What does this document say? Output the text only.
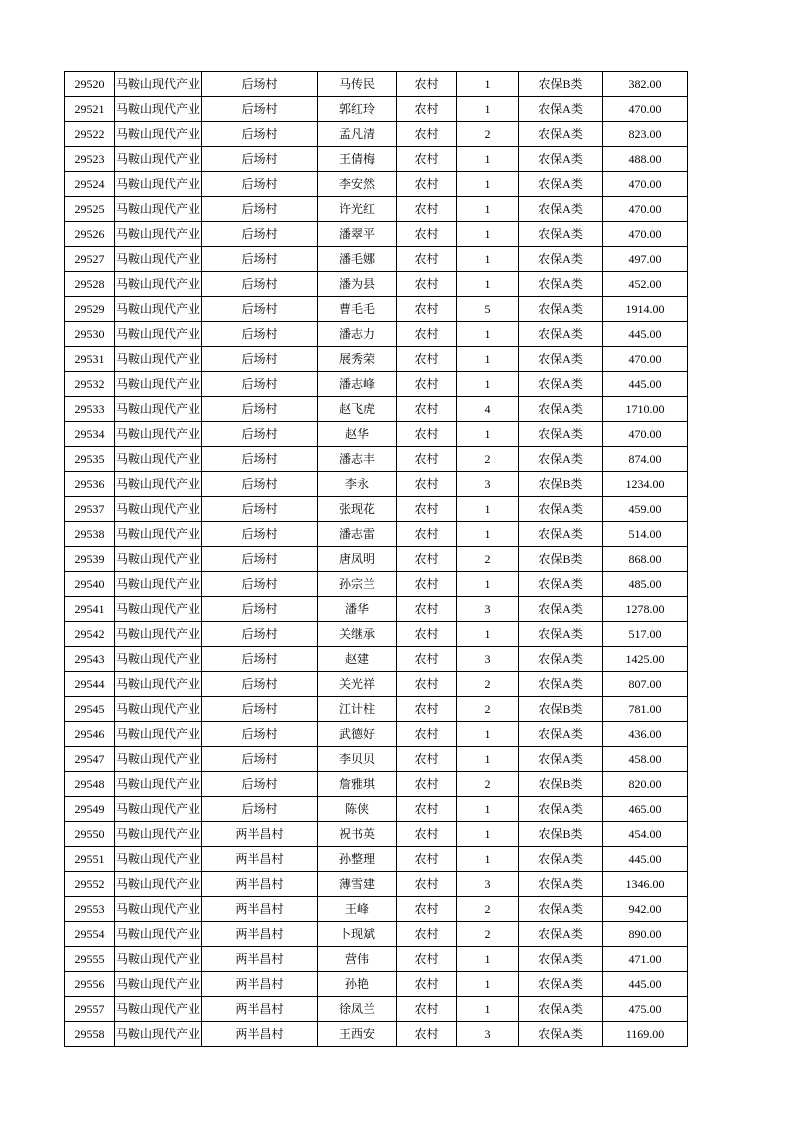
29520	马鞍山现代产业	后场村	马传民	农村	1	农保B类	382.00
29521	马鞍山现代产业	后场村	郭红玲	农村	1	农保A类	470.00
29522	马鞍山现代产业	后场村	孟凡清	农村	2	农保A类	823.00
29523	马鞍山现代产业	后场村	王倩梅	农村	1	农保A类	488.00
29524	马鞍山现代产业	后场村	李安然	农村	1	农保A类	470.00
29525	马鞍山现代产业	后场村	许光红	农村	1	农保A类	470.00
29526	马鞍山现代产业	后场村	潘翠平	农村	1	农保A类	470.00
29527	马鞍山现代产业	后场村	潘毛娜	农村	1	农保A类	497.00
29528	马鞍山现代产业	后场村	潘为县	农村	1	农保A类	452.00
29529	马鞍山现代产业	后场村	曹毛毛	农村	5	农保A类	1914.00
29530	马鞍山现代产业	后场村	潘志力	农村	1	农保A类	445.00
29531	马鞍山现代产业	后场村	展秀荣	农村	1	农保A类	470.00
29532	马鞍山现代产业	后场村	潘志峰	农村	1	农保A类	445.00
29533	马鞍山现代产业	后场村	赵飞虎	农村	4	农保A类	1710.00
29534	马鞍山现代产业	后场村	赵华	农村	1	农保A类	470.00
29535	马鞍山现代产业	后场村	潘志丰	农村	2	农保A类	874.00
29536	马鞍山现代产业	后场村	李永	农村	3	农保B类	1234.00
29537	马鞍山现代产业	后场村	张现花	农村	1	农保A类	459.00
29538	马鞍山现代产业	后场村	潘志雷	农村	1	农保A类	514.00
29539	马鞍山现代产业	后场村	唐凤明	农村	2	农保B类	868.00
29540	马鞍山现代产业	后场村	孙宗兰	农村	1	农保A类	485.00
29541	马鞍山现代产业	后场村	潘华	农村	3	农保A类	1278.00
29542	马鞍山现代产业	后场村	关继承	农村	1	农保A类	517.00
29543	马鞍山现代产业	后场村	赵建	农村	3	农保A类	1425.00
29544	马鞍山现代产业	后场村	关光祥	农村	2	农保A类	807.00
29545	马鞍山现代产业	后场村	江计柱	农村	2	农保B类	781.00
29546	马鞍山现代产业	后场村	武德好	农村	1	农保A类	436.00
29547	马鞍山现代产业	后场村	李贝贝	农村	1	农保A类	458.00
29548	马鞍山现代产业	后场村	詹雅琪	农村	2	农保B类	820.00
29549	马鞍山现代产业	后场村	陈侠	农村	1	农保A类	465.00
29550	马鞍山现代产业	两半昌村	祝书英	农村	1	农保B类	454.00
29551	马鞍山现代产业	两半昌村	孙整理	农村	1	农保A类	445.00
29552	马鞍山现代产业	两半昌村	薄雪建	农村	3	农保A类	1346.00
29553	马鞍山现代产业	两半昌村	王峰	农村	2	农保A类	942.00
29554	马鞍山现代产业	两半昌村	卜现斌	农村	2	农保A类	890.00
29555	马鞍山现代产业	两半昌村	营伟	农村	1	农保A类	471.00
29556	马鞍山现代产业	两半昌村	孙艳	农村	1	农保A类	445.00
29557	马鞍山现代产业	两半昌村	徐凤兰	农村	1	农保A类	475.00
29558	马鞍山现代产业	两半昌村	王西安	农村	3	农保A类	1169.00
